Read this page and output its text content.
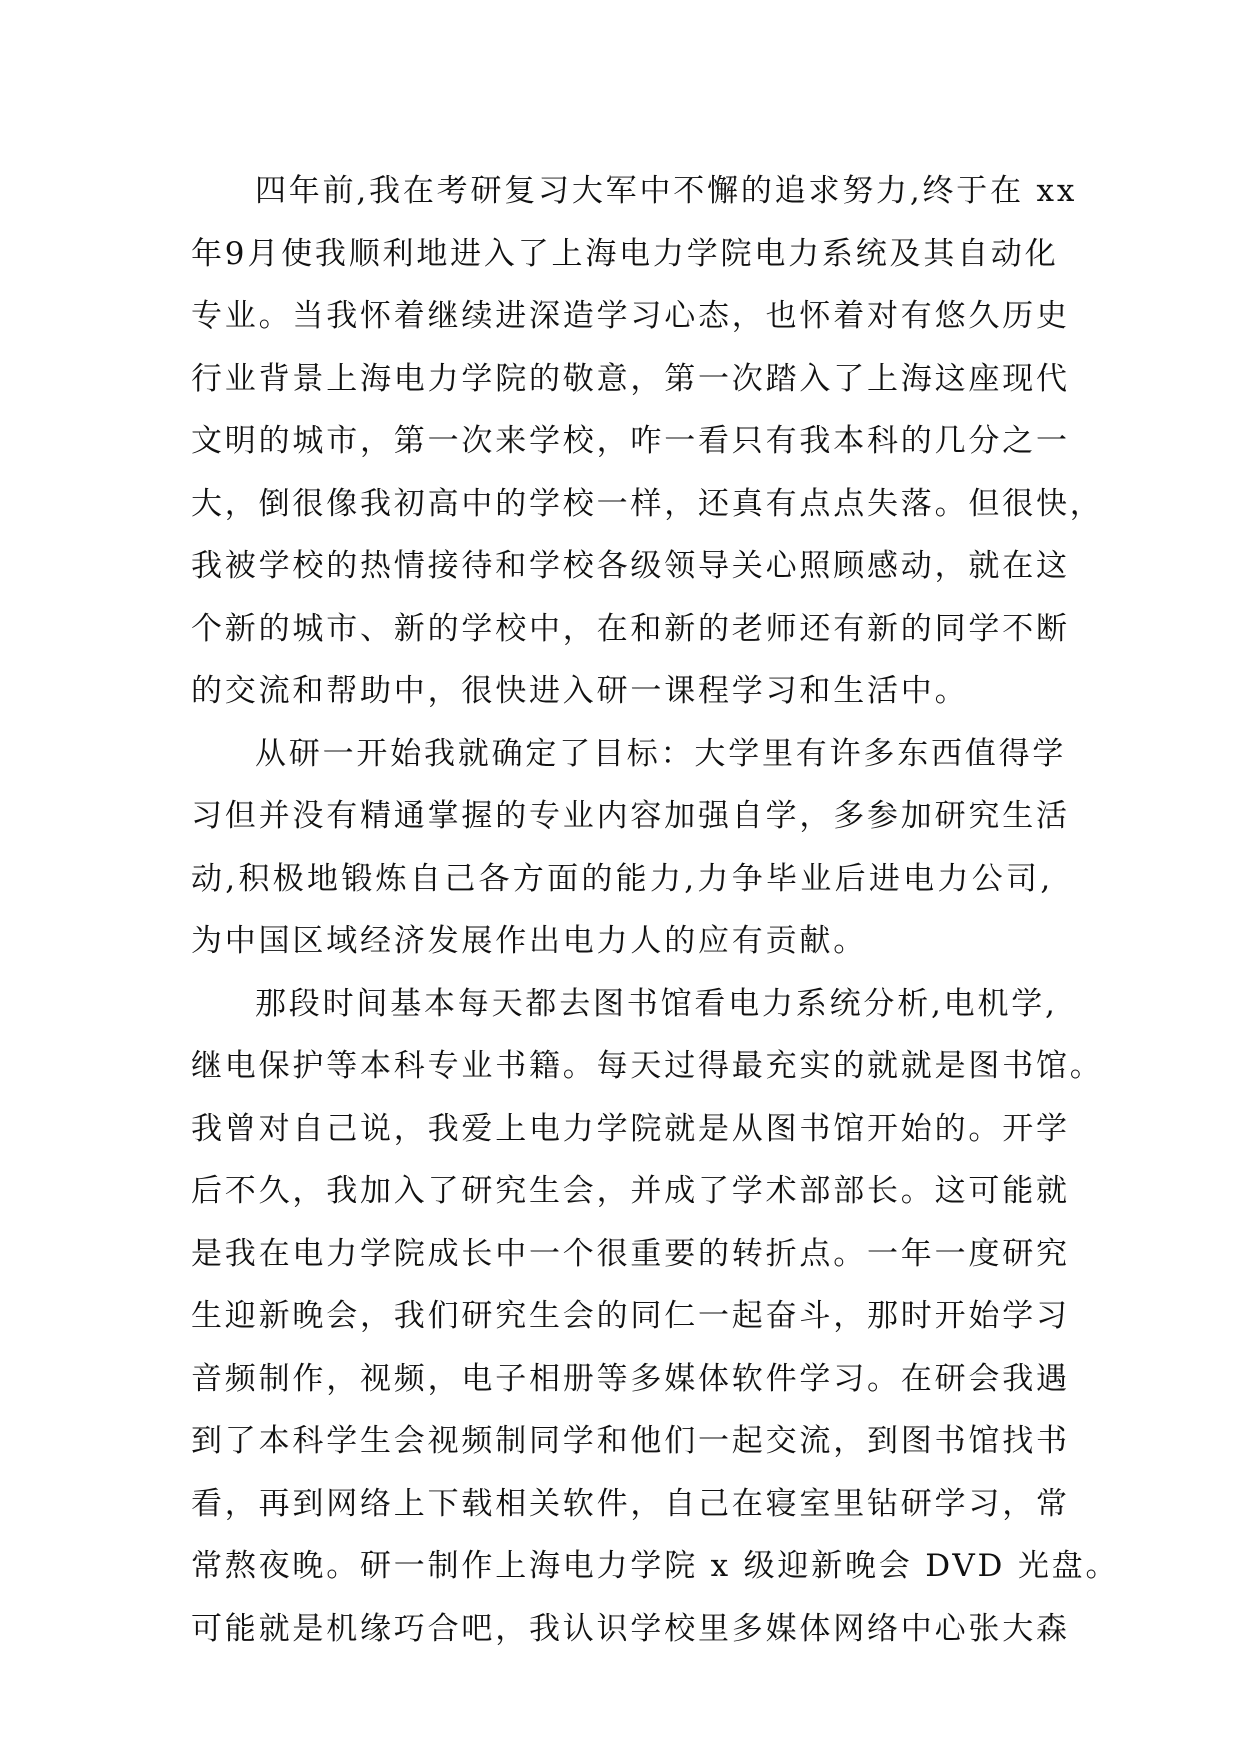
四年前,我在考研复习大军中不懈的追求努力,终于在 xx
年9月使我顺利地进入了上海电力学院电力系统及其自动化
专业。当我怀着继续进深造学习心态，也怀着对有悠久历史
行业背景上海电力学院的敬意，第一次踏入了上海这座现代
文明的城市，第一次来学校，咋一看只有我本科的几分之一
大，倒很像我初高中的学校一样，还真有点点失落。但很快，
我被学校的热情接待和学校各级领导关心照顾感动，就在这
个新的城市、新的学校中，在和新的老师还有新的同学不断
的交流和帮助中，很快进入研一课程学习和生活中。
从研一开始我就确定了目标：大学里有许多东西值得学
习但并没有精通掌握的专业内容加强自学，多参加研究生活
动,积极地锻炼自己各方面的能力,力争毕业后进电力公司,
为中国区域经济发展作出电力人的应有贡献。
那段时间基本每天都去图书馆看电力系统分析,电机学,
继电保护等本科专业书籍。每天过得最充实的就就是图书馆。
我曾对自己说，我爱上电力学院就是从图书馆开始的。开学
后不久，我加入了研究生会，并成了学术部部长。这可能就
是我在电力学院成长中一个很重要的转折点。一年一度研究
生迎新晚会，我们研究生会的同仁一起奋斗，那时开始学习
音频制作，视频，电子相册等多媒体软件学习。在研会我遇
到了本科学生会视频制同学和他们一起交流，到图书馆找书
看，再到网络上下载相关软件，自己在寝室里钻研学习，常
常熬夜晚。研一制作上海电力学院 x 级迎新晚会 DVD 光盘。
可能就是机缘巧合吧，我认识学校里多媒体网络中心张大森
